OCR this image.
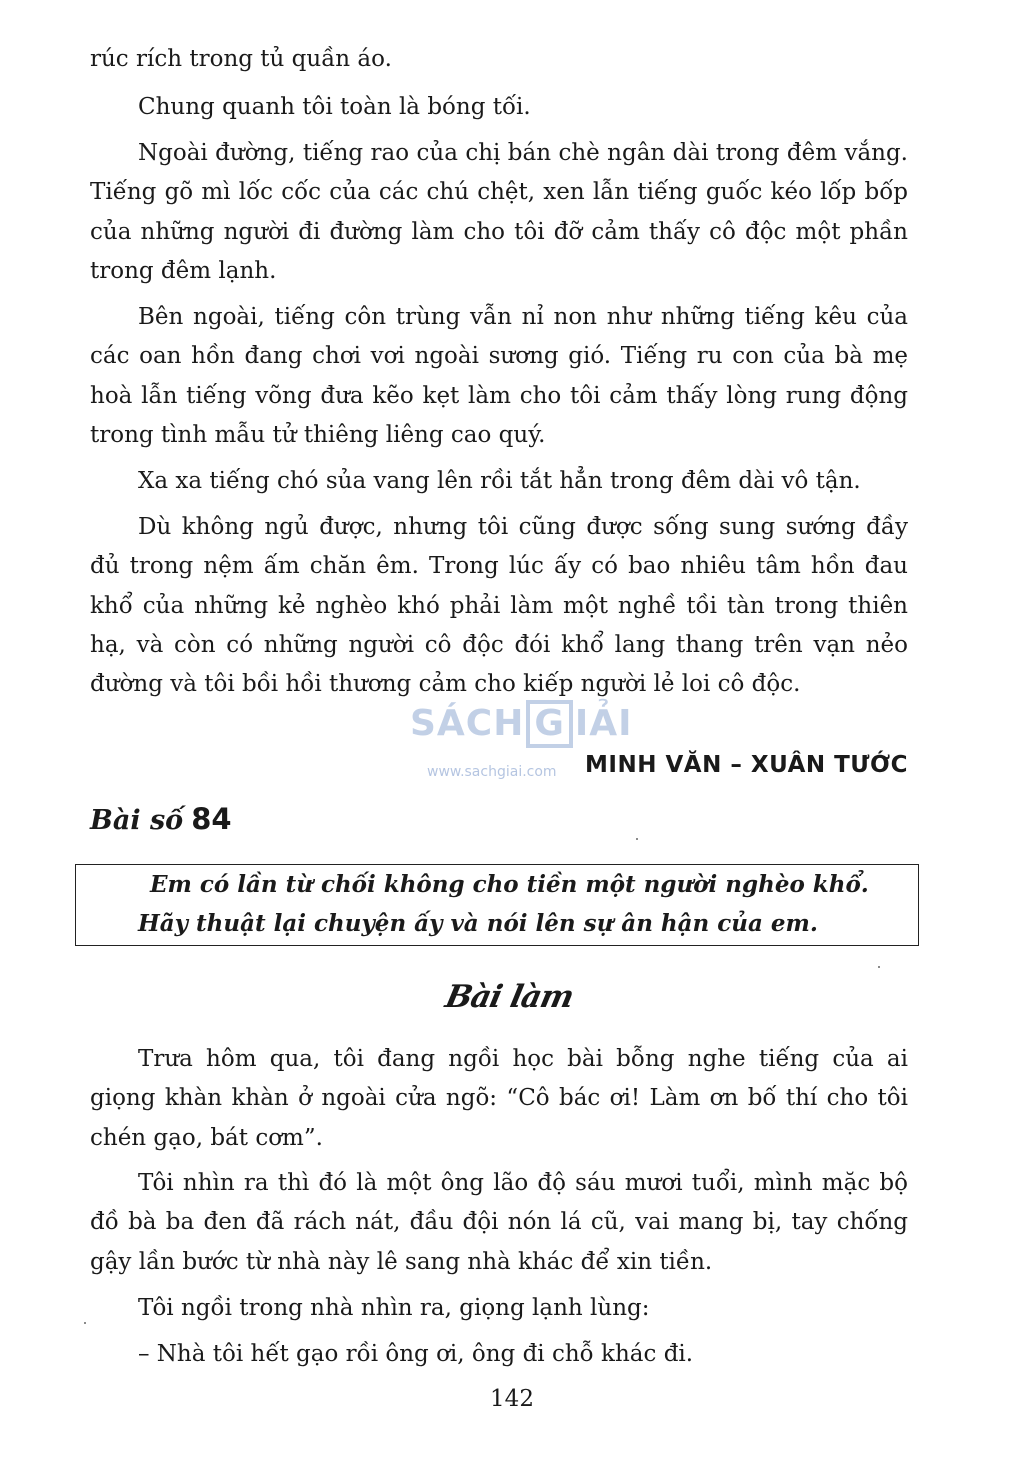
rúc rích trong tủ quần áo.

Chung quanh tôi toàn là bóng tối.

Ngoài đường, tiếng rao của chị bán chè ngân dài trong đêm vắng. Tiếng gõ mì lốc cốc của các chú chệt, xen lẫn tiếng guốc kéo lốp bốp của những người đi đường làm cho tôi đỡ cảm thấy cô độc một phần trong đêm lạnh.

Bên ngoài, tiếng côn trùng vẫn nỉ non như những tiếng kêu của các oan hồn đang chơi vơi ngoài sương gió. Tiếng ru con của bà mẹ hoà lẫn tiếng võng đưa kẽo kẹt làm cho tôi cảm thấy lòng rung động trong tình mẫu tử thiêng liêng cao quý.

Xa xa tiếng chó sủa vang lên rồi tắt hẳn trong đêm dài vô tận.

Dù không ngủ được, nhưng tôi cũng được sống sung sướng đầy đủ trong nệm ấm chăn êm. Trong lúc ấy có bao nhiêu tâm hồn đau khổ của những kẻ nghèo khó phải làm một nghề tồi tàn trong thiên hạ, và còn có những người cô độc đói khổ lang thang trên vạn nẻo đường và tôi bồi hồi thương cảm cho kiếp người lẻ loi cô độc.

SÁCH G IẢI
www.sachgiai.com MINH VĂN – XUÂN TƯỚC
Bài số 84
Em có lần từ chối không cho tiền một người nghèo khổ.
Hãy thuật lại chuyện ấy và nói lên sự ân hận của em.
Bài làm

Trưa hôm qua, tôi đang ngồi học bài bỗng nghe tiếng của ai giọng khàn khàn ở ngoài cửa ngõ: “Cô bác ơi! Làm ơn bố thí cho tôi chén gạo, bát cơm”.

Tôi nhìn ra thì đó là một ông lão độ sáu mươi tuổi, mình mặc bộ đồ bà ba đen đã rách nát, đầu đội nón lá cũ, vai mang bị, tay chống gậy lần bước từ nhà này lê sang nhà khác để xin tiền.

Tôi ngồi trong nhà nhìn ra, giọng lạnh lùng:

– Nhà tôi hết gạo rồi ông ơi, ông đi chỗ khác đi.

142
